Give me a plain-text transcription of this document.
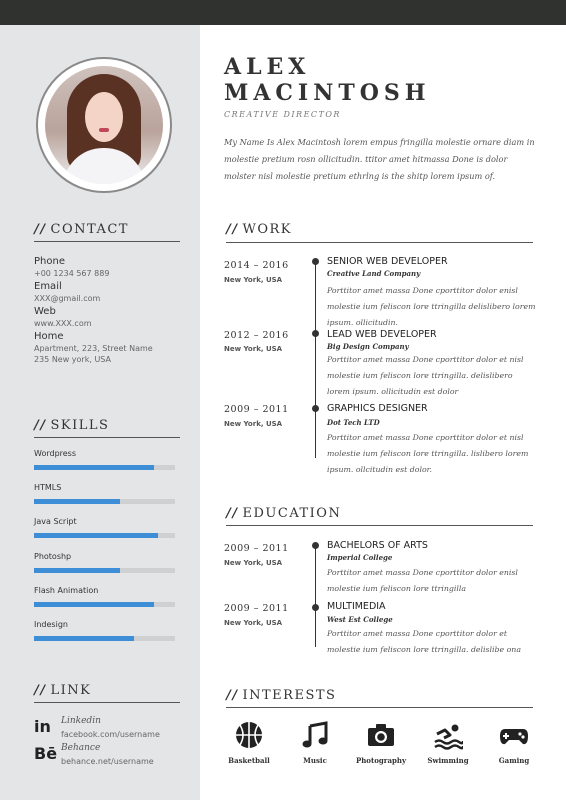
// CONTACT
Phone
+00 1234 567 889
Email
XXX@gmail.com
Web
www.XXX.com
Home
Apartment, 223, Street Name
235 New york, USA
// SKILLS
Wordpress
HTMLS
Java Script
Photoshp
Flash Animation
Indesign
// LINK
in Linkedin
facebook.com/username
Bē Behance
behance.net/username
ALEX
MACINTOSH
CREATIVE DIRECTOR
My Name Is Alex Macintosh lorem empus fringilla molestie ornare diam in molestie pretium rosn ollicitudin. ttitor amet hitmassa Done is dolor molster nisl molestie pretium ethrlng is the shitp lorem ipsum of.
// WORK
2014 – 2016
New York, USA
SENIOR WEB DEVELOPER
Creative Land Company
Porttitor amet massa Done cporttitor dolor enisl molestie ium feliscon lore ttringilla delislibero lorem ipsum. ollicitudin.
2012 – 2016
New York, USA
LEAD WEB DEVELOPER
Big Design Company
Porttitor amet massa Done cporttitor dolor et nisl molestie ium feliscon lore ttringilla. delislibero lorem ipsum. ollicitudin est dolor
2009 – 2011
New York, USA
GRAPHICS DESIGNER
Dot Tech LTD
Porttitor amet massa Done cporttitor dolor et nisl molestie ium feliscon lore ttringilla. lislibero lorem ipsum. ollcitudin est dolor.
// EDUCATION
2009 – 2011
New York, USA
BACHELORS OF ARTS
Imperial College
Porttitor amet massa Done cporttitor dolor enisl molestie ium feliscon lore ttringilla
2009 – 2011
New York, USA
MULTIMEDIA
West Est College
Porttitor amet massa Done cporttitor dolor et molestie ium feliscon lore ttringilla. delislibe ona
// INTERESTS
Basketball	Music	Photography	Swimming	Gaming
